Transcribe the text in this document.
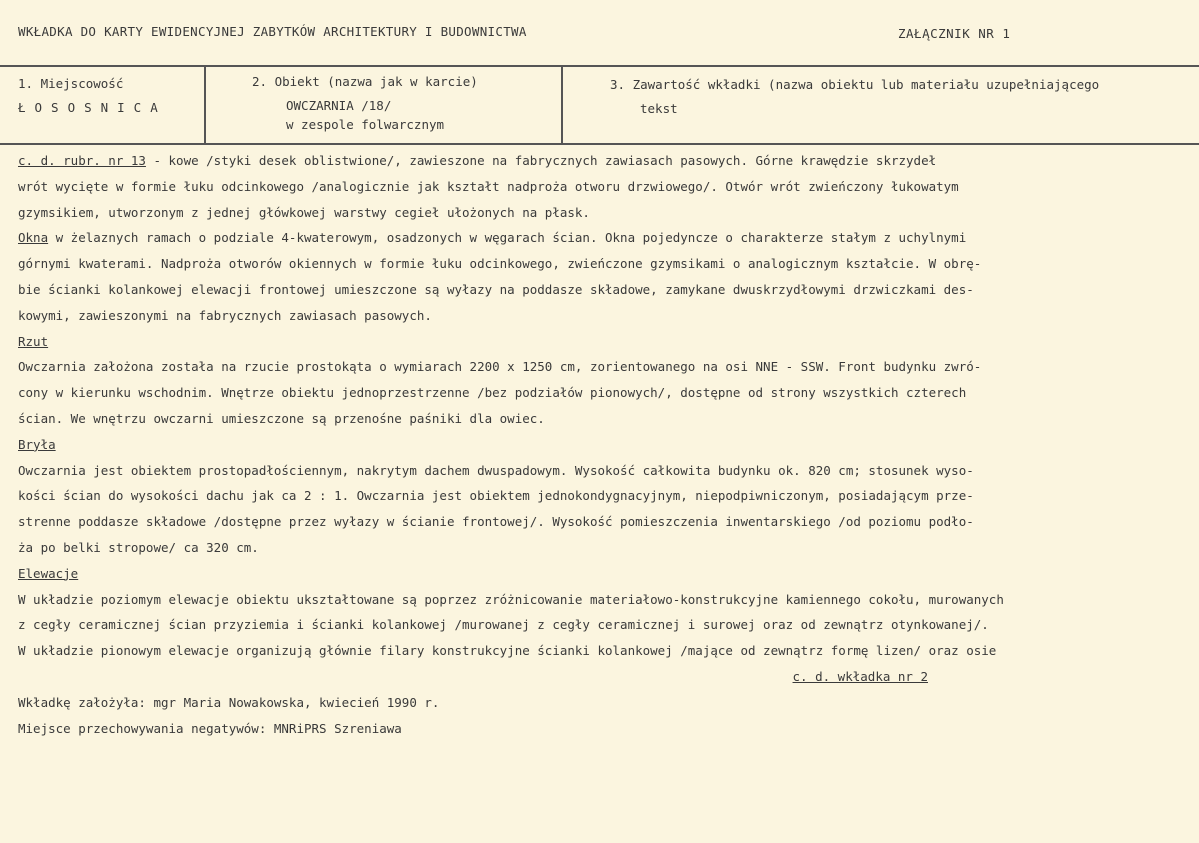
WKŁADKA DO KARTY EWIDENCYJNEJ ZABYTKÓW ARCHITEKTURY I BUDOWNICTWA	ZAŁĄCZNIK NR 1
1. Miejscowość
ŁOSOSNICA
2. Obiekt (nazwa jak w karcie)
OWCZARNIA /18/
w zespole folwarcznym
3. Zawartość wkładki (nazwa obiektu lub materiału uzupełniającego
tekst
c. d. rubr. nr 13 - kowe /styki desek oblistwione/, zawieszone na fabrycznych zawiasach pasowych. Górne krawędzie skrzydeł
wrót wycięte w formie łuku odcinkowego /analogicznie jak kształt nadproża otworu drzwiowego/. Otwór wrót zwieńczony łukowatym
gzymsikiem, utworzonym z jednej główkowej warstwy cegieł ułożonych na płask.
Okna w żelaznych ramach o podziale 4-kwaterowym, osadzonych w węgarach ścian. Okna pojedyncze o charakterze stałym z uchylnymi
górnymi kwaterami. Nadproża otworów okiennych w formie łuku odcinkowego, zwieńczone gzymsikami o analogicznym kształcie. W obrę-
bie ścianki kolankowej elewacji frontowej umieszczone są wyłazy na poddasze składowe, zamykane dwuskrzydłowymi drzwiczkami des-
kowymi, zawieszonymi na fabrycznych zawiasach pasowych.
Rzut
Owczarnia założona została na rzucie prostokąta o wymiarach 2200 x 1250 cm, zorientowanego na osi NNE - SSW. Front budynku zwró-
cony w kierunku wschodnim. Wnętrze obiektu jednoprzestrzenne /bez podziałów pionowych/, dostępne od strony wszystkich czterech
ścian. We wnętrzu owczarni umieszczone są przenośne paśniki dla owiec.
Bryła
Owczarnia jest obiektem prostopadłościennym, nakrytym dachem dwuspadowym. Wysokość całkowita budynku ok. 820 cm; stosunek wyso-
kości ścian do wysokości dachu jak ca 2 : 1. Owczarnia jest obiektem jednokondygnacyjnym, niepodpiwniczonym, posiadającym prze-
strenne poddasze składowe /dostępne przez wyłazy w ścianie frontowej/. Wysokość pomieszczenia inwentarskiego /od poziomu podło-
ża po belki stropowe/ ca 320 cm.
Elewacje
W układzie poziomym elewacje obiektu ukształtowane są poprzez zróżnicowanie materiałowo-konstrukcyjne kamiennego cokołu, murowanych
z cegły ceramicznej ścian przyziemia i ścianki kolankowej /murowanej z cegły ceramicznej i surowej oraz od zewnątrz otynkowanej/.
W układzie pionowym elewacje organizują głównie filary konstrukcyjne ścianki kolankowej /mające od zewnątrz formę lizen/ oraz osie
c. d. wkładka nr 2
Wkładkę założyła: mgr Maria Nowakowska, kwiecień 1990 r.
Miejsce przechowywania negatywów: MNRiPRS Szreniawa
